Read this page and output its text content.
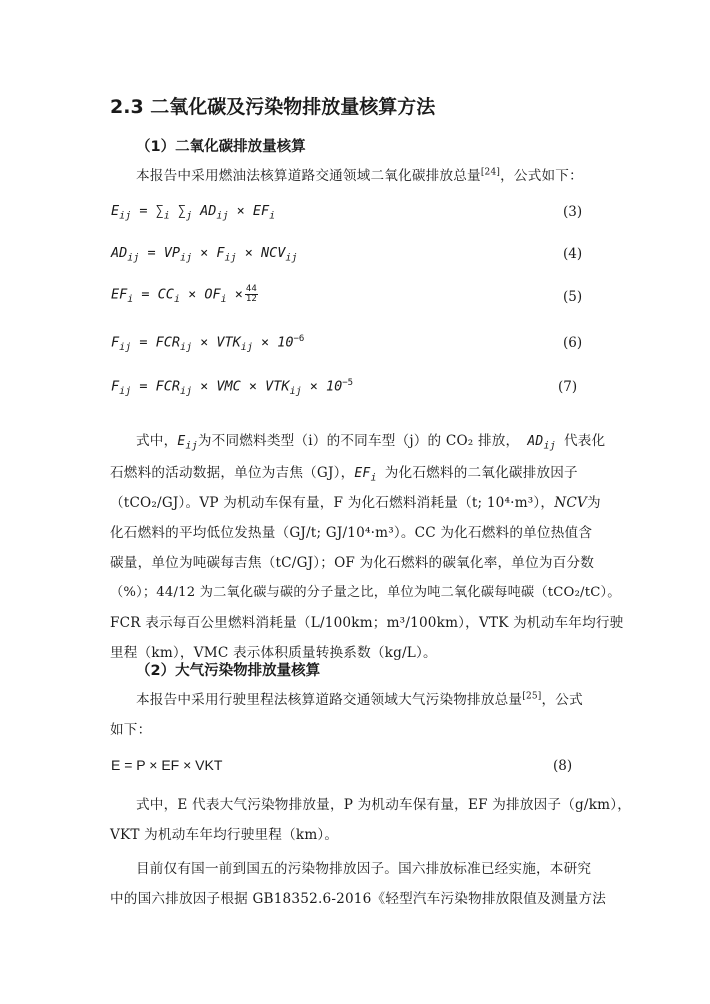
2.3 二氧化碳及污染物排放量核算方法
（1）二氧化碳排放量核算
本报告中采用燃油法核算道路交通领域二氧化碳排放总量[24]，公式如下：
$E_{ij} = \sum_i$ $\sum_j$ $AD_{ij} \times EF_i$	(3)
$AD_{ij} = VP_{ij} \times F_{ij} \times NCV_{ij}$	(4)
$EF_i = CC_i \times OF_i \times \frac{44}{12}$	(5)
$F_{ij} = FCR_{ij} \times VTK_{ij} \times 10^{-6}$	(6)
$F_{ij} = FCR_{ij}$ × VMC × $VTK_{ij} \times 10^{-5}$	(7)
式中，$E_{ij}$为不同燃料类型（i）的不同车型（j）的 CO₂ 排放， $AD_{ij}$ 代表化
石燃料的活动数据，单位为吉焦（GJ），$EF_i$ 为化石燃料的二氧化碳排放因子
（tCO₂/GJ）。VP 为机动车保有量，F 为化石燃料消耗量（t; 10⁴·m³），NCV为
化石燃料的平均低位发热量（GJ/t; GJ/10⁴·m³）。CC 为化石燃料的单位热值含
碳量，单位为吨碳每吉焦（tC/GJ）；OF 为化石燃料的碳氧化率，单位为百分数
（%）；44/12 为二氧化碳与碳的分子量之比，单位为吨二氧化碳每吨碳（tCO₂/tC）。
FCR 表示每百公里燃料消耗量（L/100km；m³/100km），VTK 为机动车年均行驶
里程（km），VMC 表示体积质量转换系数（kg/L）。
（2）大气污染物排放量核算
本报告中采用行驶里程法核算道路交通领域大气污染物排放总量[25]，公式
如下：
E = P × EF × VKT	(8)
式中，E 代表大气污染物排放量，P 为机动车保有量，EF 为排放因子（g/km），
VKT 为机动车年均行驶里程（km）。
目前仅有国一前到国五的污染物排放因子。国六排放标准已经实施，本研究
中的国六排放因子根据 GB18352.6-2016《轻型汽车污染物排放限值及测量方法
